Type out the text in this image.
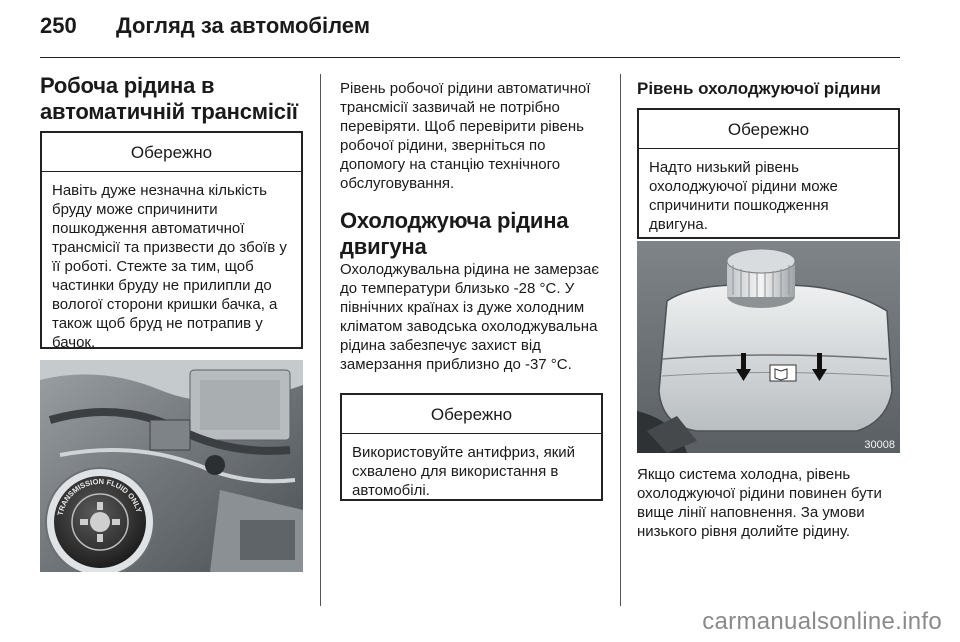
250 Догляд за автомобілем
Робоча рідина в автоматичній трансмісії
Обережно
Навіть дуже незначна кількість бруду може спричинити пошкодження автоматичної трансмісії та призвести до збоїв у її роботі. Стежте за тим, щоб частинки бруду не прилипли до вологої сторони кришки бачка, а також щоб бруд не потрапив у бачок.
TRANSMISSION FLUID ONLY
Рівень робочої рідини автоматичної трансмісії зазвичай не потрібно перевіряти. Щоб перевірити рівень робочої рідини, зверніться по допомогу на станцію технічного обслуговування.
Охолоджуюча рідина двигуна
Охолоджувальна рідина не замерзає до температури близько -28 °C. У північних країнах із дуже холодним кліматом заводська охолоджувальна рідина забезпечує захист від замерзання приблизно до -37 °C.
Обережно
Використовуйте антифриз, який схвалено для використання в автомобілі.
Рівень охолоджуючої рідини
Обережно
Надто низький рівень охолоджуючої рідини може спричинити пошкодження двигуна.
30008
Якщо система холодна, рівень охолоджуючої рідини повинен бути вище лінії наповнення. За умови низького рівня долийте рідину.
carmanualsonline.info
